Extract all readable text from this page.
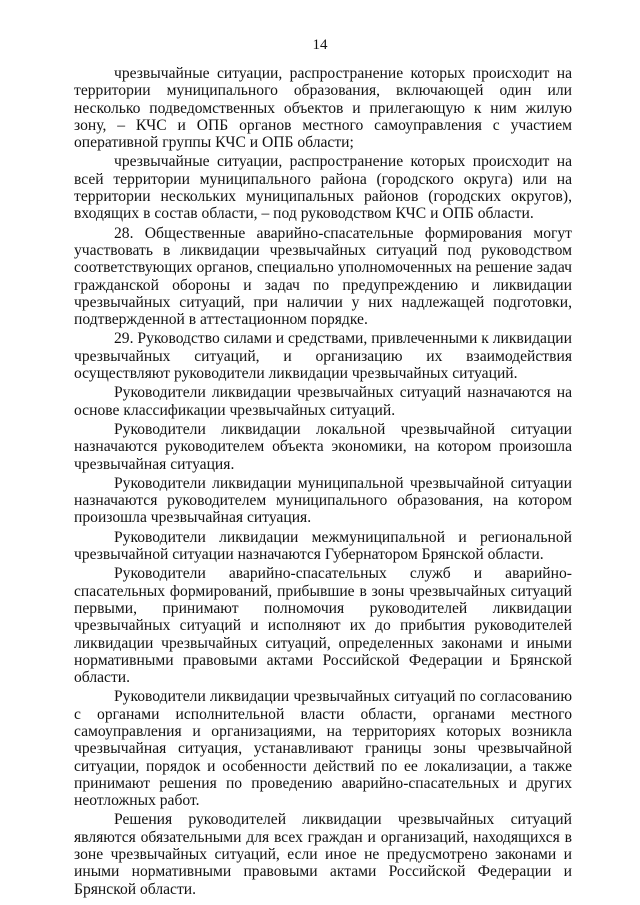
14

чрезвычайные ситуации, распространение которых происходит на территории муниципального образования, включающей один или несколько подведомственных объектов и прилегающую к ним жилую зону, – КЧС и ОПБ органов местного самоуправления с участием оперативной группы КЧС и ОПБ области;

чрезвычайные ситуации, распространение которых происходит на всей территории муниципального района (городского округа) или на территории нескольких муниципальных районов (городских округов), входящих в состав области, – под руководством КЧС и ОПБ области.

28. Общественные аварийно-спасательные формирования могут участвовать в ликвидации чрезвычайных ситуаций под руководством соответствующих органов, специально уполномоченных на решение задач гражданской обороны и задач по предупреждению и ликвидации чрезвычайных ситуаций, при наличии у них надлежащей подготовки, подтвержденной в аттестационном порядке.

29. Руководство силами и средствами, привлеченными к ликвидации чрезвычайных ситуаций, и организацию их взаимодействия осуществляют руководители ликвидации чрезвычайных ситуаций.

Руководители ликвидации чрезвычайных ситуаций назначаются на основе классификации чрезвычайных ситуаций.

Руководители ликвидации локальной чрезвычайной ситуации назначаются руководителем объекта экономики, на котором произошла чрезвычайная ситуация.

Руководители ликвидации муниципальной чрезвычайной ситуации назначаются руководителем муниципального образования, на котором произошла чрезвычайная ситуация.

Руководители ликвидации межмуниципальной и региональной чрезвычайной ситуации назначаются Губернатором Брянской области.

Руководители аварийно-спасательных служб и аварийно-спасательных формирований, прибывшие в зоны чрезвычайных ситуаций первыми, принимают полномочия руководителей ликвидации чрезвычайных ситуаций и исполняют их до прибытия руководителей ликвидации чрезвычайных ситуаций, определенных законами и иными нормативными правовыми актами Российской Федерации и Брянской области.

Руководители ликвидации чрезвычайных ситуаций по согласованию с органами исполнительной власти области, органами местного самоуправления и организациями, на территориях которых возникла чрезвычайная ситуация, устанавливают границы зоны чрезвычайной ситуации, порядок и особенности действий по ее локализации, а также принимают решения по проведению аварийно-спасательных и других неотложных работ.

Решения руководителей ликвидации чрезвычайных ситуаций являются обязательными для всех граждан и организаций, находящихся в зоне чрезвычайных ситуаций, если иное не предусмотрено законами и иными нормативными правовыми актами Российской Федерации и Брянской области.
